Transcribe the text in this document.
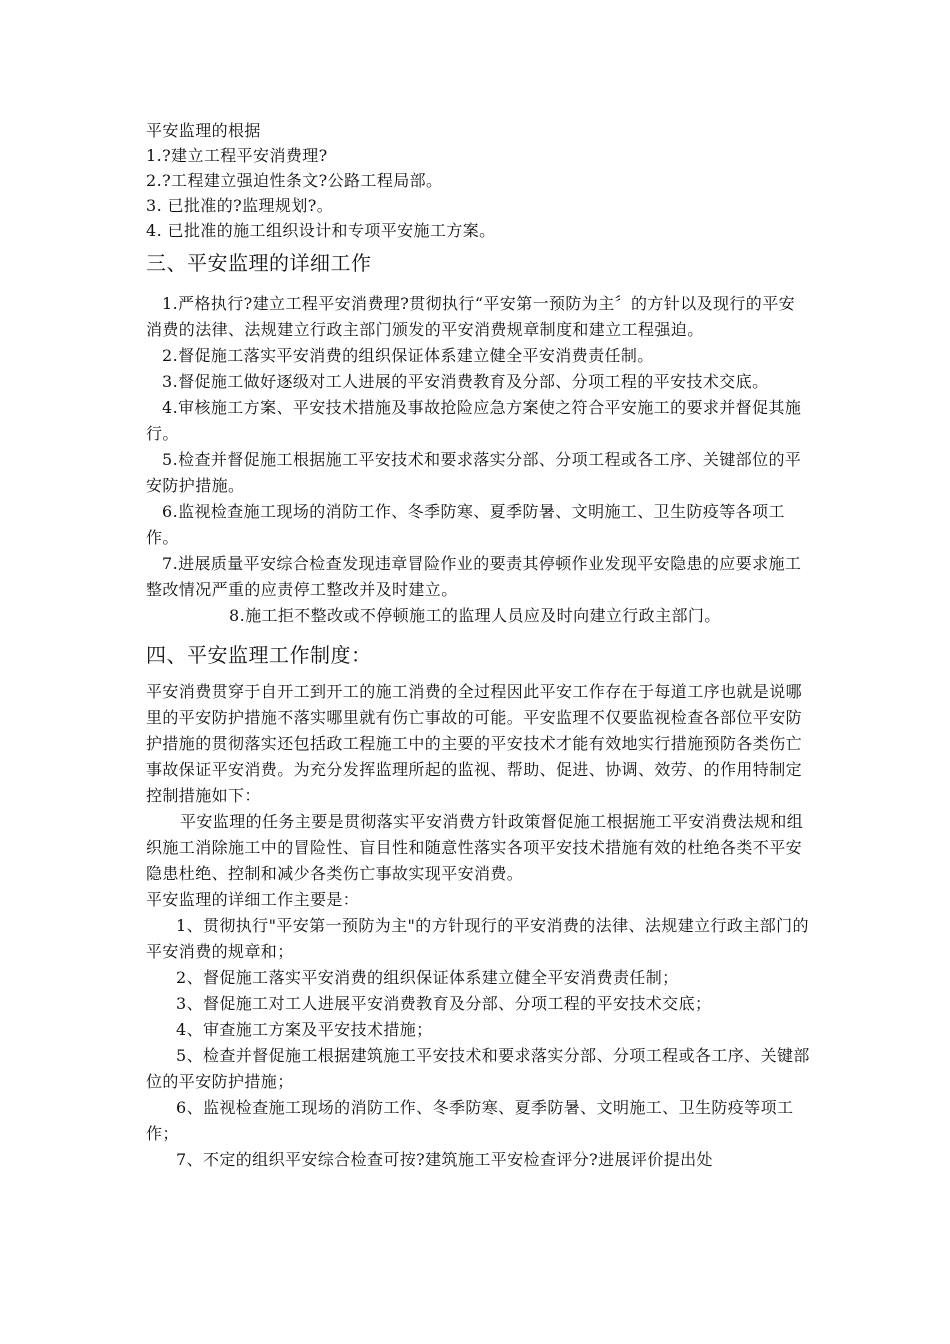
平安监理的根据
1.?建立工程平安消费理?
2.?工程建立强迫性条文?公路工程局部。
3. 已批准的?监理规划?。
4. 已批准的施工组织设计和专项平安施工方案。
三、平安监理的详细工作
1.严格执行?建立工程平安消费理?贯彻执行“平安第一预防为主〞的方针以及现行的平安消费的法律、法规建立行政主部门颁发的平安消费规章制度和建立工程强迫。
2.督促施工落实平安消费的组织保证体系建立健全平安消费责任制。
3.督促施工做好逐级对工人进展的平安消费教育及分部、分项工程的平安技术交底。
4.审核施工方案、平安技术措施及事故抢险应急方案使之符合平安施工的要求并督促其施行。
5.检查并督促施工根据施工平安技术和要求落实分部、分项工程或各工序、关键部位的平安防护措施。
6.监视检查施工现场的消防工作、冬季防寒、夏季防暑、文明施工、卫生防疫等各项工作。
7.进展质量平安综合检查发现违章冒险作业的要责其停顿作业发现平安隐患的应要求施工整改情况严重的应责停工整改并及时建立。
8.施工拒不整改或不停顿施工的监理人员应及时向建立行政主部门。
四、平安监理工作制度：
平安消费贯穿于自开工到开工的施工消费的全过程因此平安工作存在于每道工序也就是说哪里的平安防护措施不落实哪里就有伤亡事故的可能。平安监理不仅要监视检查各部位平安防护措施的贯彻落实还包括政工程施工中的主要的平安技术才能有效地实行措施预防各类伤亡事故保证平安消费。为充分发挥监理所起的监视、帮助、促进、协调、效劳、的作用特制定控制措施如下：
平安监理的任务主要是贯彻落实平安消费方针政策督促施工根据施工平安消费法规和组织施工消除施工中的冒险性、盲目性和随意性落实各项平安技术措施有效的杜绝各类不平安隐患杜绝、控制和减少各类伤亡事故实现平安消费。
平安监理的详细工作主要是：
1、贯彻执行"平安第一预防为主"的方针现行的平安消费的法律、法规建立行政主部门的平安消费的规章和；
2、督促施工落实平安消费的组织保证体系建立健全平安消费责任制；
3、督促施工对工人进展平安消费教育及分部、分项工程的平安技术交底；
4、审查施工方案及平安技术措施；
5、检查并督促施工根据建筑施工平安技术和要求落实分部、分项工程或各工序、关键部位的平安防护措施；
6、监视检查施工现场的消防工作、冬季防寒、夏季防暑、文明施工、卫生防疫等项工作；
7、不定的组织平安综合检查可按?建筑施工平安检查评分?进展评价提出处
